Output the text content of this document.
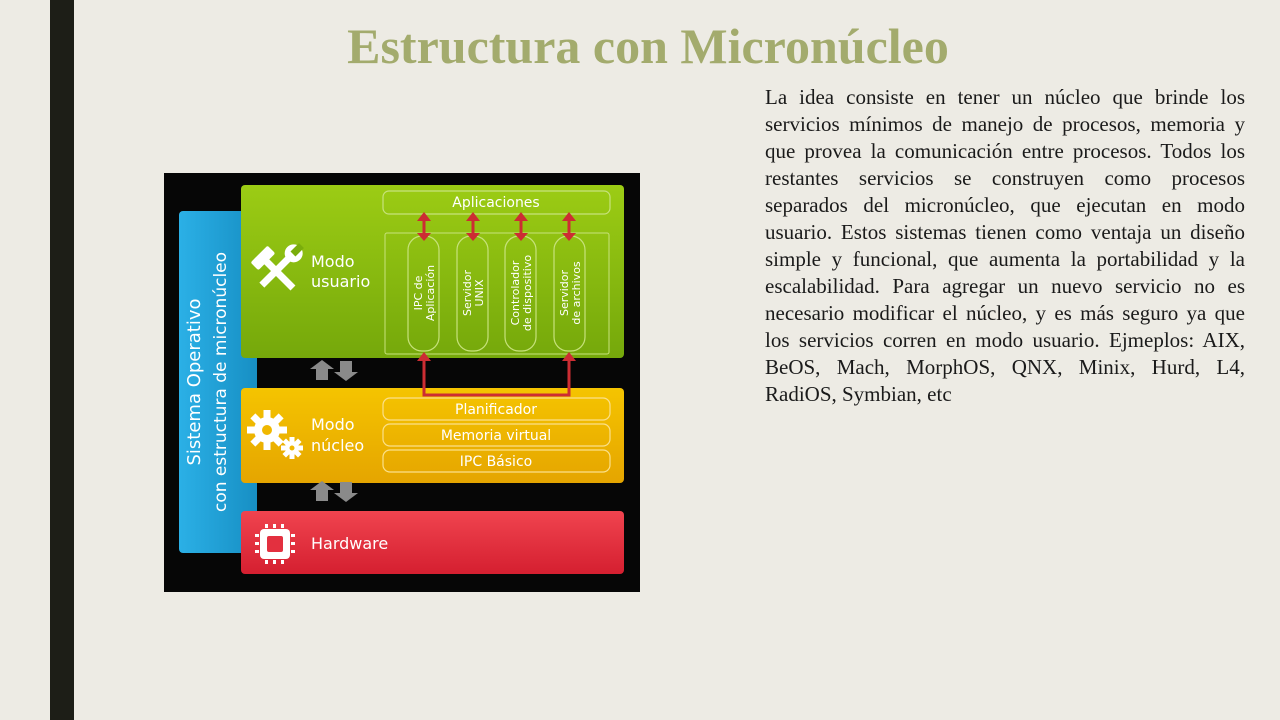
Estructura con Micronúcleo

La idea consiste en tener un núcleo que brinde los servicios mínimos de manejo de procesos, memoria y que provea la comunicación entre procesos. Todos los restantes servicios se construyen como procesos separados del micronúcleo, que ejecutan en modo usuario. Estos sistemas tienen como ventaja un diseño simple y funcional, que aumenta la portabilidad y la escalabilidad. Para agregar un nuevo servicio no es necesario modificar el núcleo, y es más seguro ya que los servicios corren en modo usuario. Ejmeplos: AIX, BeOS, Mach, MorphOS, QNX, Minix, Hurd, L4, RadiOS, Symbian, etc

Sistema Operativo con estructura de micronúcleo	Modo
usuario
Aplicaciones
IPC de Aplicación Servidor UNIX Controlador de dispositivo Servidor de archivos
Modo
núcleo
Planificador
Memoria virtual
IPC Básico
Hardware
